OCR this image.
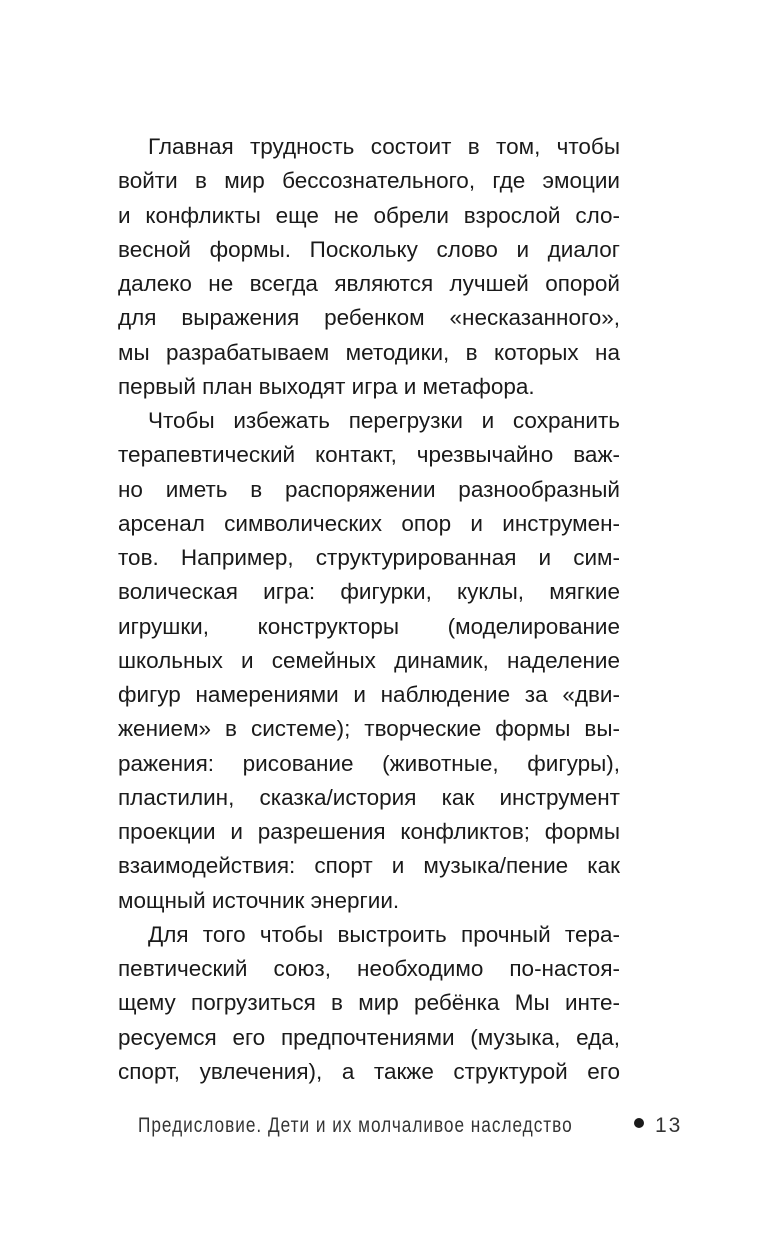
Главная трудность состоит в том, чтобы
войти в мир бессознательного, где эмоции
и конфликты еще не обрели взрослой сло-
весной формы. Поскольку слово и диалог
далеко не всегда являются лучшей опорой
для выражения ребенком «несказанного»,
мы разрабатываем методики, в которых на
первый план выходят игра и метафора.
Чтобы избежать перегрузки и сохранить
терапевтический контакт, чрезвычайно важ-
но иметь в распоряжении разнообразный
арсенал символических опор и инструмен-
тов. Например, структурированная и сим-
волическая игра: фигурки, куклы, мягкие
игрушки, конструкторы (моделирование
школьных и семейных динамик, наделение
фигур намерениями и наблюдение за «дви-
жением» в системе); творческие формы вы-
ражения: рисование (животные, фигуры),
пластилин, сказка/история как инструмент
проекции и разрешения конфликтов; формы
взаимодействия: спорт и музыка/пение как
мощный источник энергии.
Для того чтобы выстроить прочный тера-
певтический союз, необходимо по-настоя-
щему погрузиться в мир ребёнка Мы инте-
ресуемся его предпочтениями (музыка, еда,
спорт, увлечения), а также структурой его
Предисловие. Дети и их молчаливое наследство	13
